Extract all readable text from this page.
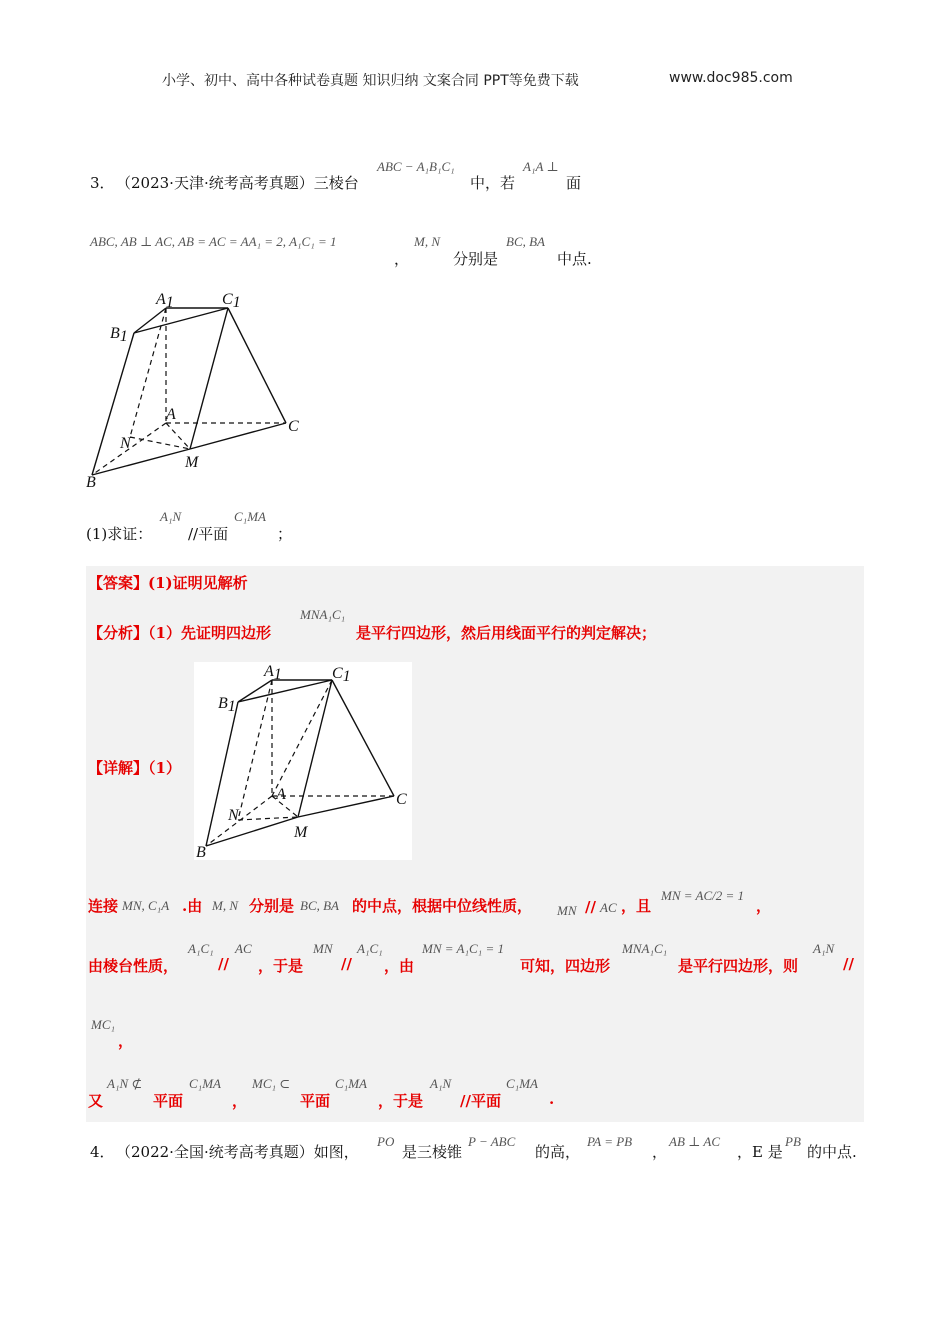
小学、初中、高中各种试卷真题 知识归纳 文案合同 PPT等免费下载	www.doc985.com
3． （2023·天津·统考高考真题）三棱台
ABC − A₁B₁C₁
中，若
A₁A ⊥
面
ABC, AB ⊥ AC, AB = AC = AA₁ = 2, A₁C₁ = 1
，
M, N
分别是
BC, BA
中点.
A1	C1
B1
A
C
N
M
B
(1)求证：
A₁N
//平面
C₁MA
；
【答案】(1)证明见解析
【分析】（1）先证明四边形
MNA₁C₁
是平行四边形，然后用线面平行的判定解决；
【详解】（1）
A1	C1
B1
A	C
N
M
B
连接 MN, C₁A .由 M, N 分别是 BC, BA 的中点，根据中位线性质， MN // AC ，且
MN = AC/2 = 1
，
由棱台性质，
A₁C₁
//
AC
，于是
MN
//
A₁C₁
，由
MN = A₁C₁ = 1
可知，四边形
MNA₁C₁
是平行四边形，则
A₁N
//
MC₁
，
又
A₁N ⊄
平面
C₁MA
，
MC₁ ⊂
平面
C₁MA
，于是
A₁N
//平面
C₁MA
.
4． （2022·全国·统考高考真题）如图，
PO
是三棱锥
P − ABC
的高，
PA = PB
，
AB ⊥ AC
，E 是
PB
的中点.
